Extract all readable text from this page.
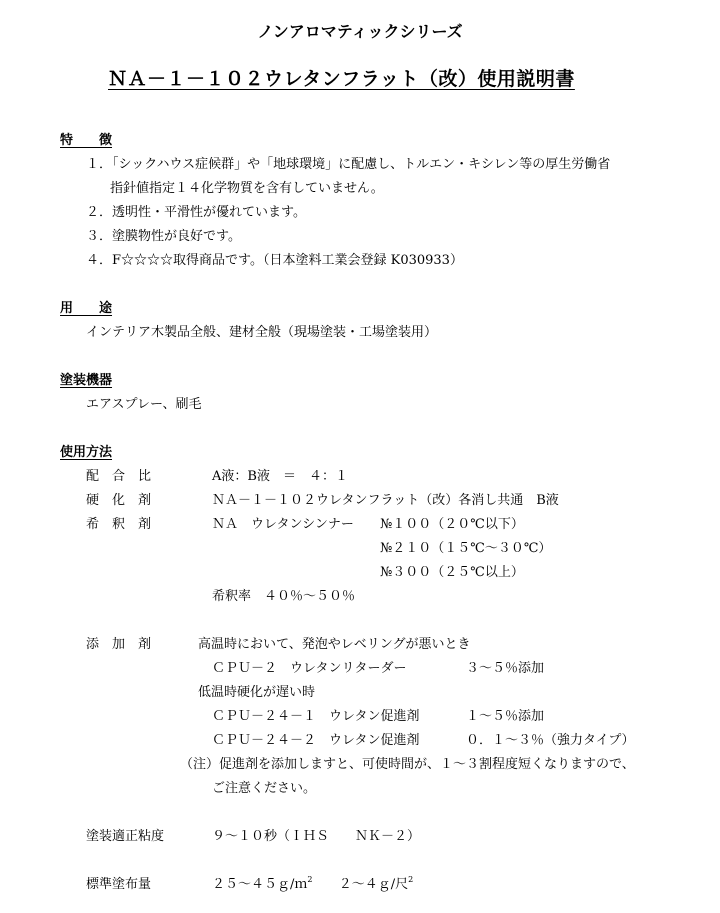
ノンアロマティックシリーズ
ＮＡ－１－１０２ウレタンフラット（改）使用説明書
特　　徴
１．「シックハウス症候群」や「地球環境」に配慮し、トルエン・キシレン等の厚生労働省
指針値指定１４化学物質を含有していません。
２．透明性・平滑性が優れています。
３．塗膜物性が良好です。
４．F☆☆☆☆取得商品です。（日本塗料工業会登録 K030933）
用　　途
インテリア木製品全般、建材全般（現場塗装・工場塗装用）
塗装機器
エアスプレー、刷毛
使用方法
配　合　比	A液：B液　＝　４：１
硬　化　剤	ＮＡ－１－１０２ウレタンフラット（改）各消し共通　B液
希　釈　剤	ＮＡ　ウレタンシンナー №１００（２０℃以下）
№２１０（１５℃～３０℃）
№３００（２５℃以上）
希釈率　４０％～５０％
添　加　剤	高温時において、発泡やレベリングが悪いとき
ＣＰＵ－２　ウレタンリターダー	３～５％添加
低温時硬化が遅い時
ＣＰＵ－２４－１　ウレタン促進剤	１～５％添加
ＣＰＵ－２４－２　ウレタン促進剤	０．１～３％（強力タイプ）
（注）促進剤を添加しますと、可使時間が、１～３割程度短くなりますので、
ご注意ください。
塗装適正粘度	９～１０秒（ＩＨＳ　　ＮＫ－２）
標準塗布量	２５～４５ｇ/ｍ$^2$ ２～４ｇ/尺$^2$
